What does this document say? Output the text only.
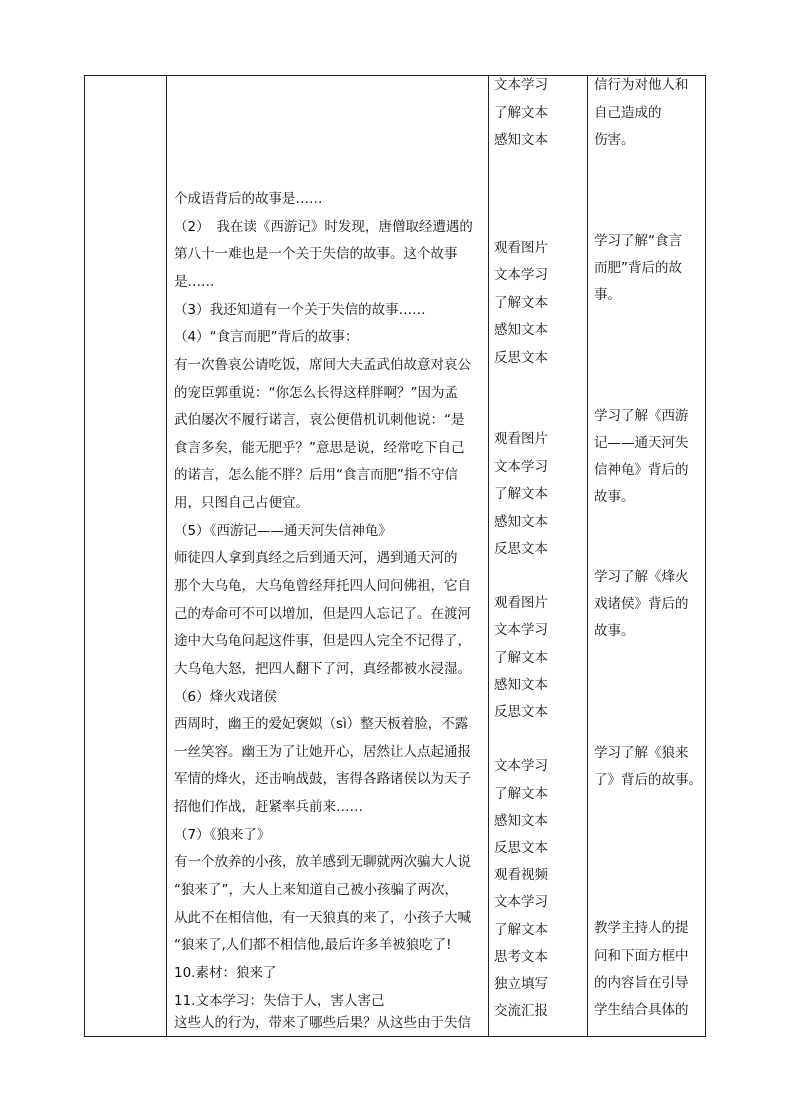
个成语背后的故事是……
（2）　我在读《西游记》时发现，唐僧取经遭遇的
第八十一难也是一个关于失信的故事。这个故事
是……
（3）我还知道有一个关于失信的故事……
（4）“食言而肥”背后的故事：
有一次鲁哀公请吃饭，席间大夫孟武伯故意对哀公
的宠臣郭重说：“你怎么长得这样胖啊？”因为孟
武伯屡次不履行诺言，哀公便借机讥刺他说：“是
食言多矣，能无肥乎？”意思是说，经常吃下自己
的诺言，怎么能不胖？后用“食言而肥”指不守信
用，只图自己占便宜。
（5）《西游记——通天河失信神龟》
师徒四人拿到真经之后到通天河，遇到通天河的
那个大乌龟，大乌龟曾经拜托四人问问佛祖，它自
己的寿命可不可以增加，但是四人忘记了。在渡河
途中大乌龟问起这件事，但是四人完全不记得了，
大乌龟大怒，把四人翻下了河，真经都被水浸湿。
（6）烽火戏诸侯
西周时，幽王的爱妃褒姒（sì）整天板着脸，不露
一丝笑容。幽王为了让她开心，居然让人点起通报
军情的烽火，还击响战鼓，害得各路诸侯以为天子
招他们作战，赶紧率兵前来……
（7）《狼来了》
有一个放养的小孩，放羊感到无聊就两次骗大人说
“狼来了”，大人上来知道自己被小孩骗了两次，
从此不在相信他，有一天狼真的来了，小孩子大喊
“狼来了,人们都不相信他,最后许多羊被狼吃了!
10.素材：狼来了
11.文本学习：失信于人，害人害己
这些人的行为，带来了哪些后果？从这些由于失信
文本学习
了解文本
感知文本
观看图片
文本学习
了解文本
感知文本
反思文本
观看图片
文本学习
了解文本
感知文本
反思文本
观看图片
文本学习
了解文本
感知文本
反思文本
文本学习
了解文本
感知文本
反思文本
观看视频
文本学习
了解文本
思考文本
独立填写
交流汇报
信行为对他人和
自己造成的
伤害。
学习了解“食言
而肥”背后的故
事。
学习了解《西游
记——通天河失
信神龟》背后的
故事。
学习了解《烽火
戏诸侯》背后的
故事。
学习了解《狼来
了》背后的故事。
教学主持人的提
问和下面方框中
的内容旨在引导
学生结合具体的
